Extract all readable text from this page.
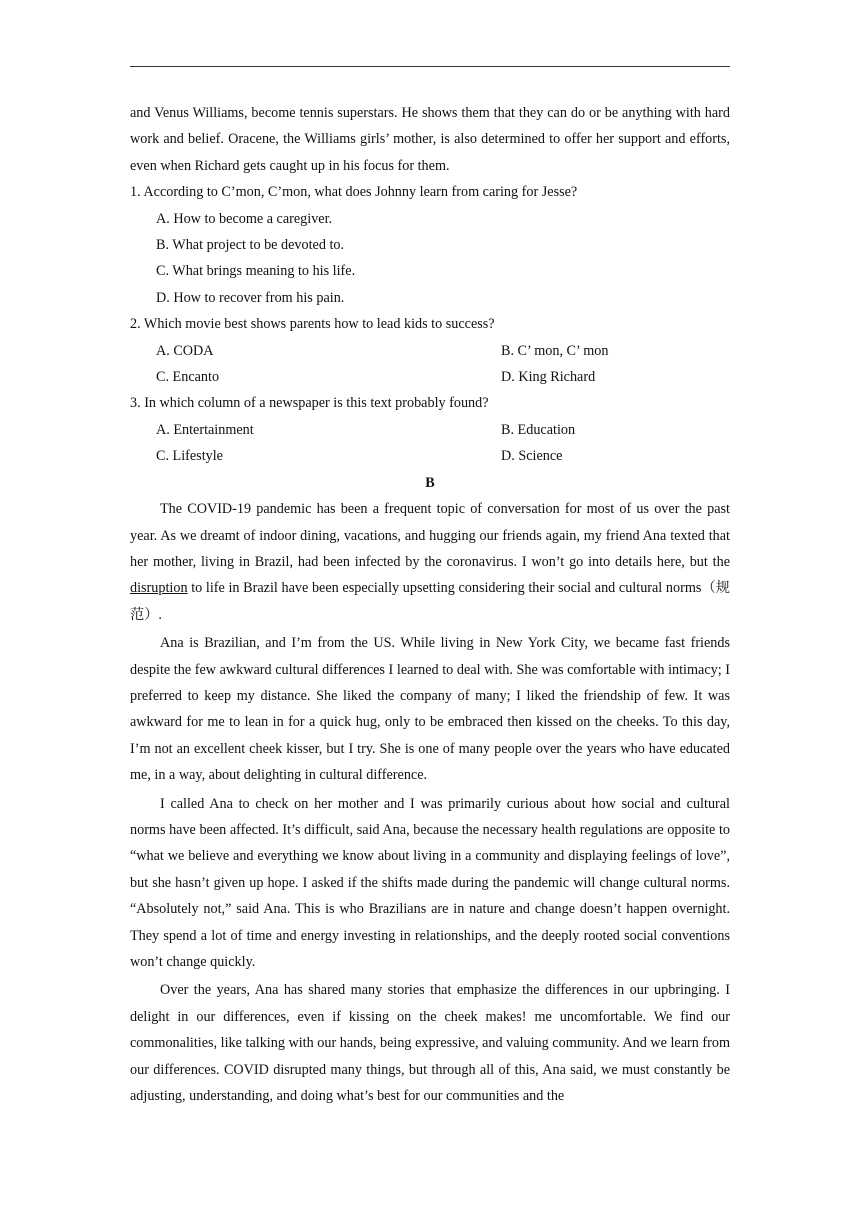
and Venus Williams, become tennis superstars. He shows them that they can do or be anything with hard work and belief. Oracene, the Williams girls’ mother, is also determined to offer her support and efforts, even when Richard gets caught up in his focus for them.

1. According to C’mon, C’mon, what does Johnny learn from caring for Jesse?

A. How to become a caregiver.

B. What project to be devoted to.

C. What brings meaning to his life.

D. How to recover from his pain.

2. Which movie best shows parents how to lead kids to success?

A. CODA	B. C’ mon, C’ mon
C. Encanto	D. King Richard

3. In which column of a newspaper is this text probably found?

A. Entertainment	B. Education
C. Lifestyle	D. Science

B

The COVID-19 pandemic has been a frequent topic of conversation for most of us over the past year. As we dreamt of indoor dining, vacations, and hugging our friends again, my friend Ana texted that her mother, living in Brazil, had been infected by the coronavirus. I won’t go into details here, but the disruption to life in Brazil have been especially upsetting considering their social and cultural norms（规范）.

Ana is Brazilian, and I’m from the US. While living in New York City, we became fast friends despite the few awkward cultural differences I learned to deal with. She was comfortable with intimacy; I preferred to keep my distance. She liked the company of many; I liked the friendship of few. It was awkward for me to lean in for a quick hug, only to be embraced then kissed on the cheeks. To this day, I’m not an excellent cheek kisser, but I try. She is one of many people over the years who have educated me, in a way, about delighting in cultural difference.

I called Ana to check on her mother and I was primarily curious about how social and cultural norms have been affected. It’s difficult, said Ana, because the necessary health regulations are opposite to “what we believe and everything we know about living in a community and displaying feelings of love”, but she hasn’t given up hope. I asked if the shifts made during the pandemic will change cultural norms. “Absolutely not,” said Ana. This is who Brazilians are in nature and change doesn’t happen overnight. They spend a lot of time and energy investing in relationships, and the deeply rooted social conventions won’t change quickly.

Over the years, Ana has shared many stories that emphasize the differences in our upbringing. I delight in our differences, even if kissing on the cheek makes! me uncomfortable. We find our commonalities, like talking with our hands, being expressive, and valuing community. And we learn from our differences. COVID disrupted many things, but through all of this, Ana said, we must constantly be adjusting, understanding, and doing what’s best for our communities and the
